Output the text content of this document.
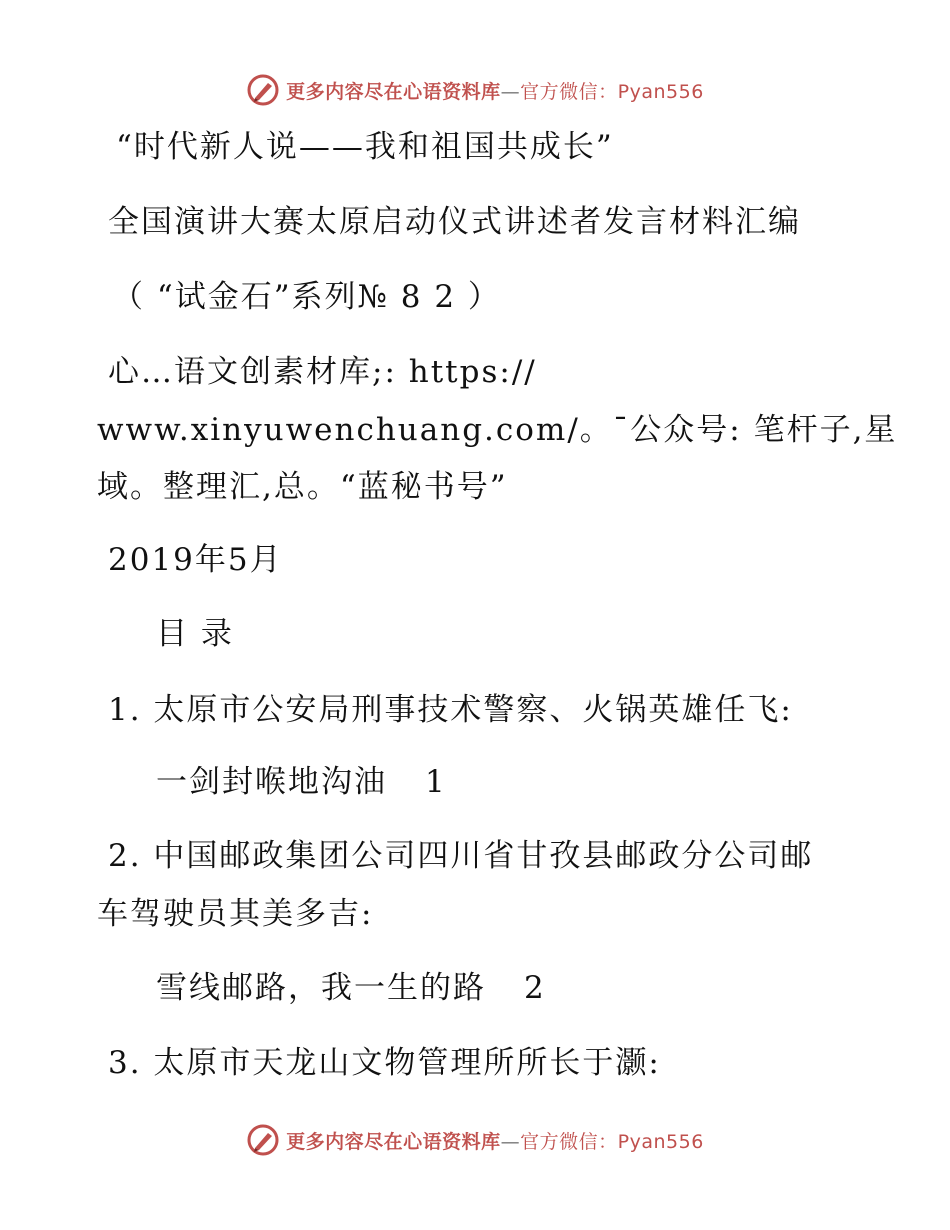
更多内容尽在心语资料库—官方微信：Pyan556
“时代新人说——我和祖国共成长”
全国演讲大赛太原启动仪式讲述者发言材料汇编
（ “试金石”系列№ 8 2 ）
心…语文创素材库;: https://
www.xinyuwenchuang.com/。¯公众号: 笔杆子,星
域。整理汇,总。“蓝秘书号”
2019年5月
目 录
1. 太原市公安局刑事技术警察、火锅英雄任飞:
一剑封喉地沟油 1
2. 中国邮政集团公司四川省甘孜县邮政分公司邮
车驾驶员其美多吉:
雪线邮路，我一生的路 2
3. 太原市天龙山文物管理所所长于灏:
更多内容尽在心语资料库—官方微信：Pyan556
